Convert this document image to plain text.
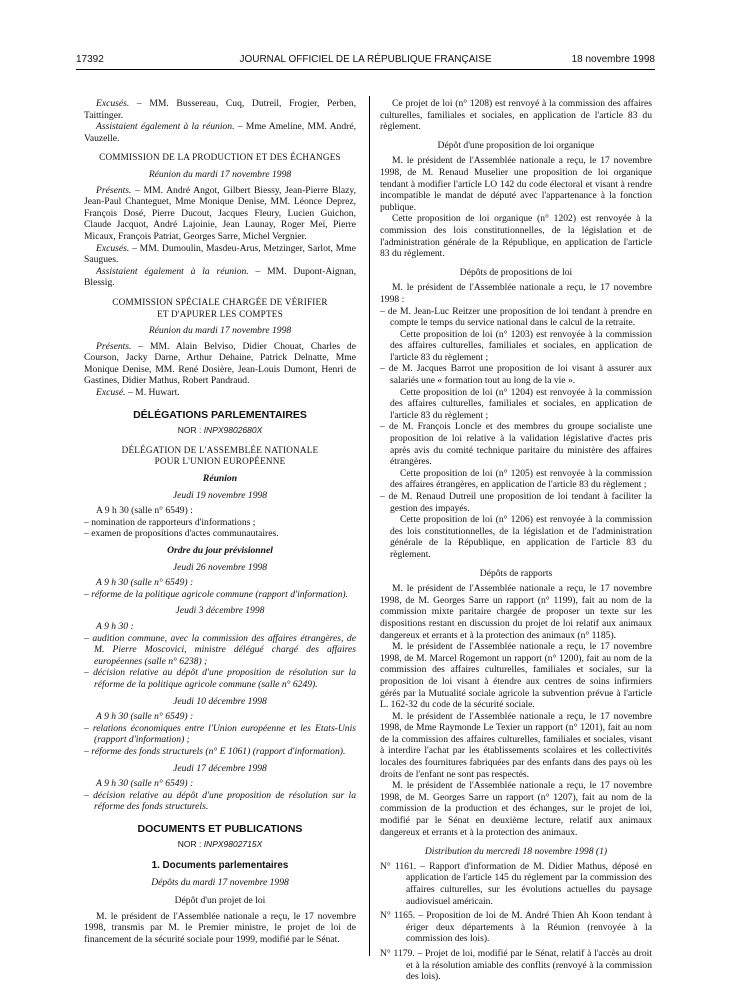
17392	JOURNAL OFFICIEL DE LA RÉPUBLIQUE FRANÇAISE	18 novembre 1998

Excusés. – MM. Bussereau, Cuq, Dutreil, Frogier, Perben, Taittinger.

Assistaient également à la réunion. – Mme Ameline, MM. André, Vauzelle.

COMMISSION DE LA PRODUCTION ET DES ÉCHANGES
Réunion du mardi 17 novembre 1998

Présents. – MM. André Angot, Gilbert Biessy, Jean-Pierre Blazy, Jean-Paul Chanteguet, Mme Monique Denise, MM. Léonce Deprez, François Dosé, Pierre Ducout, Jacques Fleury, Lucien Guichon, Claude Jacquot, André Lajoinie, Jean Launay, Roger Meï, Pierre Micaux, François Patriat, Georges Sarre, Michel Vergnier.

Excusés. – MM. Dumoulin, Masdeu-Arus, Metzinger, Sarlot, Mme Saugues.

Assistaient également à la réunion. – MM. Dupont-Aignan, Blessig.

COMMISSION SPÉCIALE CHARGÉE DE VÉRIFIER
ET D'APURER LES COMPTES
Réunion du mardi 17 novembre 1998

Présents. – MM. Alain Belviso, Didier Chouat, Charles de Courson, Jacky Darne, Arthur Dehaine, Patrick Delnatte, Mme Monique Denise, MM. René Dosière, Jean-Louis Dumont, Henri de Gastines, Didier Mathus, Robert Pandraud.

Excusé. – M. Huwart.

DÉLÉGATIONS PARLEMENTAIRES
NOR : INPX9802680X
DÉLÉGATION DE L'ASSEMBLÉE NATIONALE
POUR L'UNION EUROPÉENNE
Réunion
Jeudi 19 novembre 1998

A 9 h 30 (salle n° 6549) :

– nomination de rapporteurs d'informations ;
– examen de propositions d'actes communautaires.
Ordre du jour prévisionnel
Jeudi 26 novembre 1998

A 9 h 30 (salle n° 6549) :

– réforme de la politique agricole commune (rapport d'information).
Jeudi 3 décembre 1998

A 9 h 30 :

– audition commune, avec la commission des affaires étrangères, de M. Pierre Moscovici, ministre délégué chargé des affaires européennes (salle n° 6238) ;
– décision relative au dépôt d'une proposition de résolution sur la réforme de la politique agricole commune (salle n° 6249).
Jeudi 10 décembre 1998

A 9 h 30 (salle n° 6549) :

– relations économiques entre l'Union européenne et les Etats-Unis (rapport d'information) ;
– réforme des fonds structurels (n° E 1061) (rapport d'information).
Jeudi 17 décembre 1998

A 9 h 30 (salle n° 6549) :

– décision relative au dépôt d'une proposition de résolution sur la réforme des fonds structurels.
DOCUMENTS ET PUBLICATIONS
NOR : INPX9802715X
1. Documents parlementaires
Dépôts du mardi 17 novembre 1998
Dépôt d'un projet de loi

M. le président de l'Assemblée nationale a reçu, le 17 novembre 1998, transmis par M. le Premier ministre, le projet de loi de financement de la sécurité sociale pour 1999, modifié par le Sénat.

Ce projet de loi (n° 1208) est renvoyé à la commission des affaires culturelles, familiales et sociales, en application de l'article 83 du règlement.

Dépôt d'une proposition de loi organique

M. le président de l'Assemblée nationale a reçu, le 17 novembre 1998, de M. Renaud Muselier une proposition de loi organique tendant à modifier l'article LO 142 du code électoral et visant à rendre incompatible le mandat de député avec l'appartenance à la fonction publique.

Cette proposition de loi organique (n° 1202) est renvoyée à la commission des lois constitutionnelles, de la législation et de l'administration générale de la République, en application de l'article 83 du règlement.

Dépôts de propositions de loi

M. le président de l'Assemblée nationale a reçu, le 17 novembre 1998 :

– de M. Jean-Luc Reitzer une proposition de loi tendant à prendre en compte le temps du service national dans le calcul de la retraite.

Cette proposition de loi (n° 1203) est renvoyée à la commission des affaires culturelles, familiales et sociales, en application de l'article 83 du règlement ;

– de M. Jacques Barrot une proposition de loi visant à assurer aux salariés une « formation tout au long de la vie ».

Cette proposition de loi (n° 1204) est renvoyée à la commission des affaires culturelles, familiales et sociales, en application de l'article 83 du règlement ;

– de M. François Loncle et des membres du groupe socialiste une proposition de loi relative à la validation législative d'actes pris après avis du comité technique paritaire du ministère des affaires étrangères.

Cette proposition de loi (n° 1205) est renvoyée à la commission des affaires étrangères, en application de l'article 83 du règlement ;

– de M. Renaud Dutreil une proposition de loi tendant à faciliter la gestion des impayés.

Cette proposition de loi (n° 1206) est renvoyée à la commission des lois constitutionnelles, de la législation et de l'administration générale de la République, en application de l'article 83 du règlement.

Dépôts de rapports

M. le président de l'Assemblée nationale a reçu, le 17 novembre 1998, de M. Georges Sarre un rapport (n° 1199), fait au nom de la commission mixte paritaire chargée de proposer un texte sur les dispositions restant en discussion du projet de loi relatif aux animaux dangereux et errants et à la protection des animaux (n° 1185).

M. le président de l'Assemblée nationale a reçu, le 17 novembre 1998, de M. Marcel Rogemont un rapport (n° 1200), fait au nom de la commission des affaires culturelles, familiales et sociales, sur la proposition de loi visant à étendre aux centres de soins infirmiers gérés par la Mutualité sociale agricole la subvention prévue à l'article L. 162-32 du code de la sécurité sociale.

M. le président de l'Assemblée nationale a reçu, le 17 novembre 1998, de Mme Raymonde Le Texier un rapport (n° 1201), fait au nom de la commission des affaires culturelles, familiales et sociales, visant à interdire l'achat par les établissements scolaires et les collectivités locales des fournitures fabriquées par des enfants dans des pays où les droits de l'enfant ne sont pas respectés.

M. le président de l'Assemblée nationale a reçu, le 17 novembre 1998, de M. Georges Sarre un rapport (n° 1207), fait au nom de la commission de la production et des échanges, sur le projet de loi, modifié par le Sénat en deuxième lecture, relatif aux animaux dangereux et errants et à la protection des animaux.

Distribution du mercredi 18 novembre 1998 (1)

N° 1161. – Rapport d'information de M. Didier Mathus, déposé en application de l'article 145 du règlement par la commission des affaires culturelles, sur les évolutions actuelles du paysage audiovisuel américain.

N° 1165. – Proposition de loi de M. André Thien Ah Koon tendant à ériger deux départements à la Réunion (renvoyée à la commission des lois).

N° 1179. – Projet de loi, modifié par le Sénat, relatif à l'accès au droit et à la résolution amiable des conflits (renvoyé à la commission des lois).
